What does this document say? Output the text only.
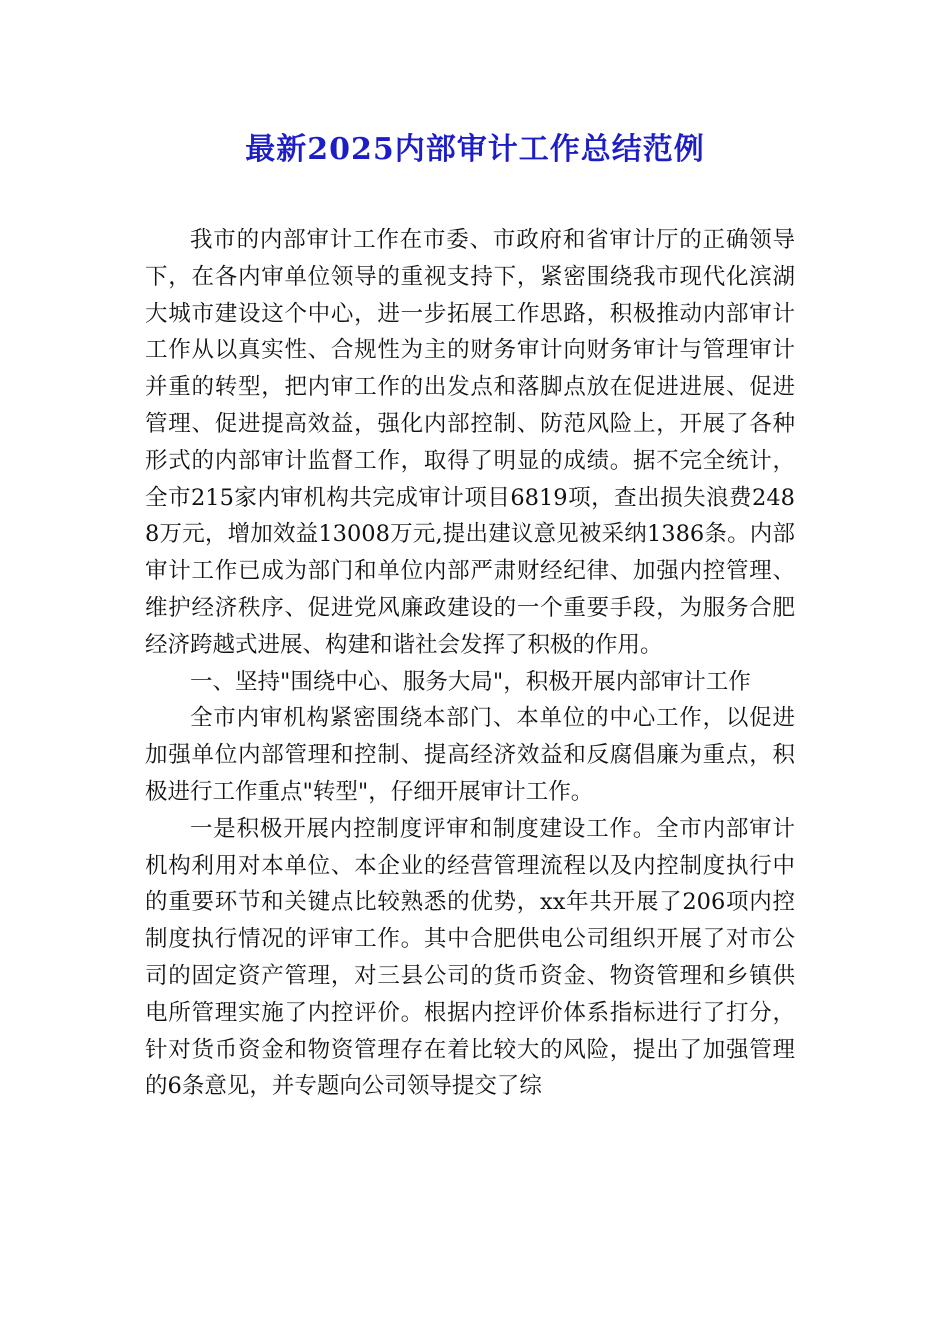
最新2025内部审计工作总结范例

我市的内部审计工作在市委、市政府和省审计厅的正确领导下，在各内审单位领导的重视支持下，紧密围绕我市现代化滨湖大城市建设这个中心，进一步拓展工作思路，积极推动内部审计工作从以真实性、合规性为主的财务审计向财务审计与管理审计并重的转型，把内审工作的出发点和落脚点放在促进进展、促进管理、促进提高效益，强化内部控制、防范风险上，开展了各种形式的内部审计监督工作，取得了明显的成绩。据不完全统计，全市215家内审机构共完成审计项目6819项，查出损失浪费2488万元，增加效益13008万元,提出建议意见被采纳1386条。内部审计工作已成为部门和单位内部严肃财经纪律、加强内控管理、维护经济秩序、促进党风廉政建设的一个重要手段，为服务合肥经济跨越式进展、构建和谐社会发挥了积极的作用。

一、坚持"围绕中心、服务大局"，积极开展内部审计工作

全市内审机构紧密围绕本部门、本单位的中心工作，以促进加强单位内部管理和控制、提高经济效益和反腐倡廉为重点，积极进行工作重点"转型"，仔细开展审计工作。

一是积极开展内控制度评审和制度建设工作。全市内部审计机构利用对本单位、本企业的经营管理流程以及内控制度执行中的重要环节和关键点比较熟悉的优势，xx年共开展了206项内控制度执行情况的评审工作。其中合肥供电公司组织开展了对市公司的固定资产管理，对三县公司的货币资金、物资管理和乡镇供电所管理实施了内控评价。根据内控评价体系指标进行了打分，针对货币资金和物资管理存在着比较大的风险，提出了加强管理的6条意见，并专题向公司领导提交了综
